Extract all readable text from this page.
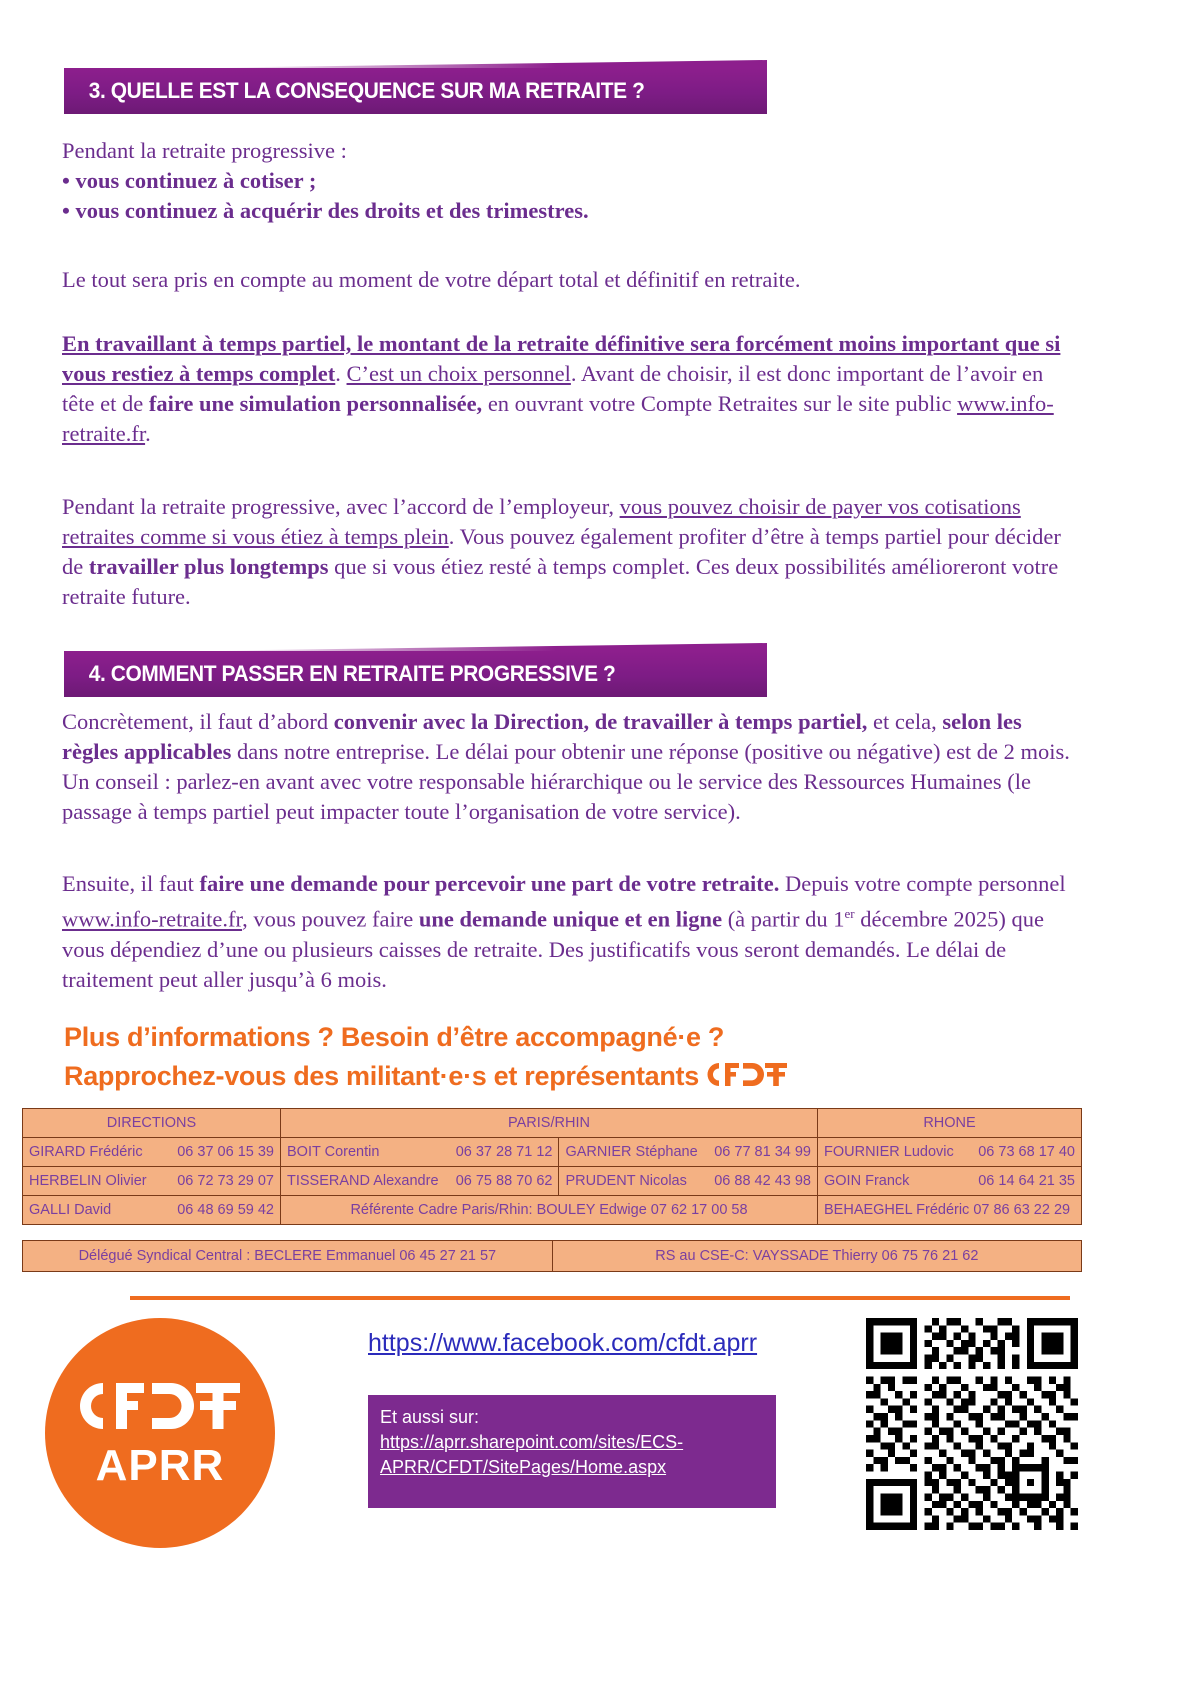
3. QUELLE EST LA CONSEQUENCE SUR MA RETRAITE ?
Pendant la retraite progressive :
• vous continuez à cotiser ;
• vous continuez à acquérir des droits et des trimestres.
Le tout sera pris en compte au moment de votre départ total et définitif en retraite.
En travaillant à temps partiel, le montant de la retraite définitive sera forcément moins important que si vous restiez à temps complet. C’est un choix personnel. Avant de choisir, il est donc important de l’avoir en tête et de faire une simulation personnalisée, en ouvrant votre Compte Retraites sur le site public www.info-retraite.fr.
Pendant la retraite progressive, avec l’accord de l’employeur, vous pouvez choisir de payer vos cotisations retraites comme si vous étiez à temps plein. Vous pouvez également profiter d’être à temps partiel pour décider de travailler plus longtemps que si vous étiez resté à temps complet. Ces deux possibilités amélioreront votre retraite future.
4. COMMENT PASSER EN RETRAITE PROGRESSIVE ?
Concrètement, il faut d’abord convenir avec la Direction, de travailler à temps partiel, et cela, selon les règles applicables dans notre entreprise. Le délai pour obtenir une réponse (positive ou négative) est de 2 mois. Un conseil : parlez-en avant avec votre responsable hiérarchique ou le service des Ressources Humaines (le passage à temps partiel peut impacter toute l’organisation de votre service).
Ensuite, il faut faire une demande pour percevoir une part de votre retraite. Depuis votre compte personnel www.info-retraite.fr, vous pouvez faire une demande unique et en ligne (à partir du 1er décembre 2025) que vous dépendiez d’une ou plusieurs caisses de retraite. Des justificatifs vous seront demandés. Le délai de traitement peut aller jusqu’à 6 mois.
Plus d’informations ? Besoin d’être accompagné·e ?
Rapprochez-vous des militant·e·s et représentants
DIRECTIONS	PARIS/RHIN		RHONE

GIRARD Frédéric 06 37 06 15 39	BOIT Corentin 06 37 28 71 12	GARNIER Stéphane 06 77 81 34 99	FOURNIER Ludovic 06 73 68 17 40

HERBELIN Olivier 06 72 73 29 07	TISSERAND Alexandre 06 75 88 70 62	PRUDENT Nicolas 06 88 42 43 98	GOIN Franck 06 14 64 21 35

GALLI David 06 48 69 59 42	Référente Cadre Paris/Rhin: BOULEY Edwige 07 62 17 00 58		BEHAEGHEL Frédéric 07 86 63 22 29
Délégué Syndical Central : BECLERE Emmanuel 06 45 27 21 57	RS au CSE-C: VAYSSADE Thierry 06 75 76 21 62
APRR
https://www.facebook.com/cfdt.aprr
Et aussi sur:
https://aprr.sharepoint.com/sites/ECS-APRR/CFDT/SitePages/Home.aspx
